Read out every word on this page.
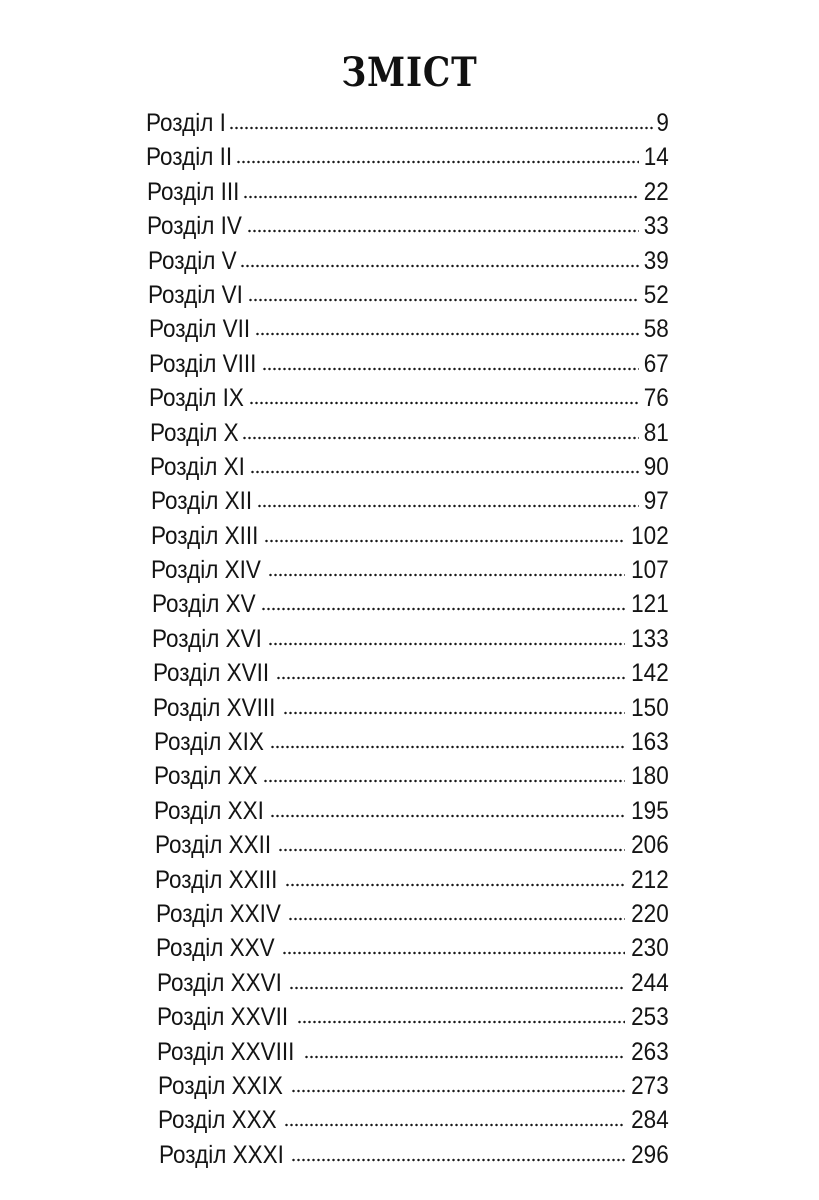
ЗМІСТ
Розділ I	9
Розділ II	14
Розділ III	22
Розділ IV	33
Розділ V	39
Розділ VI	52
Розділ VII	58
Розділ VIII	67
Розділ IX	76
Розділ X	81
Розділ XI	90
Розділ XII	97
Розділ XIII	102
Розділ XIV	107
Розділ XV	121
Розділ XVI	133
Розділ XVII	142
Розділ XVIII	150
Розділ XIX	163
Розділ XX	180
Розділ XXI	195
Розділ XXII	206
Розділ XXIII	212
Розділ XXIV	220
Розділ XXV	230
Розділ XXVI	244
Розділ XXVII	253
Розділ XXVIII	263
Розділ XXIX	273
Розділ XXX	284
Розділ XXXI	296
